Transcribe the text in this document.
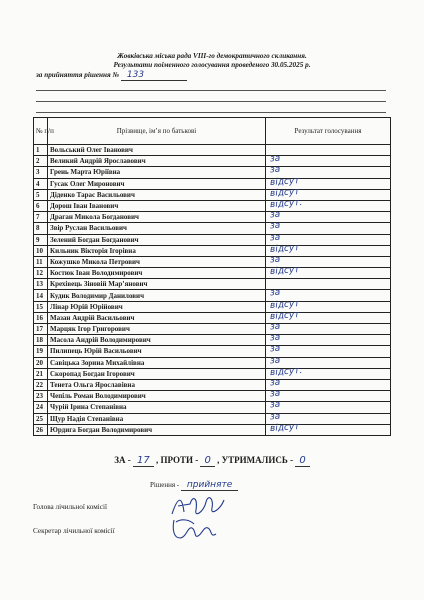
Жовківська міська рада VIII-го демократичного скликання.
Результати поіменного голосування проведеного 30.05.2025 р.
за прийняття рішення № 133
№ п/п	Прізвище, ім’я по батькові	Результат голосування
1	Вольський Олег Іванович	

2	Великий Андрій Ярославович	за

3	Грень Марта Юріївна	за

4	Гусак Олег Миронович	відсут

5	Діденко Тарас Васильович	відсут

6	Дорош Іван Іванович	відсут.

7	Драган Микола Богданович	за

8	Звір Руслан Васильович	за

9	Зелений Богдан Богданович	за

10	Кильник Вікторія Ігорівна	відсут

11	Кожушко Микола Петрович	за

12	Костюк Іван Володимирович	відсут

13	Крехівець Зіновій Мар’янович	

14	Кудик Володимир Данилович	за

15	Лінар Юрій Юрійович	відсут

16	Мазан Андрій Васильович	відсут

17	Марцяк Ігор Григорович	за

18	Масола Андрій Володимирович	за

19	Пилипець Юрій Васильович	за

20	Савіцька Зорина Михайлівна	за

21	Скоропад Богдан Ігорович	відсут.

22	Тенета Ольга Ярославівна	за

23	Чепіль Роман Володимирович	за

24	Чурій Ірина Степанівна	за

25	Щур Надія Степанівна	за

26	Юрдига Богдан Володимирович	відсут
ЗА - 17 , ПРОТИ - 0 , УТРИМАЛИСЬ - 0
Рішення - прийняте
Голова лічильної комісії
Секретар лічильної комісії
